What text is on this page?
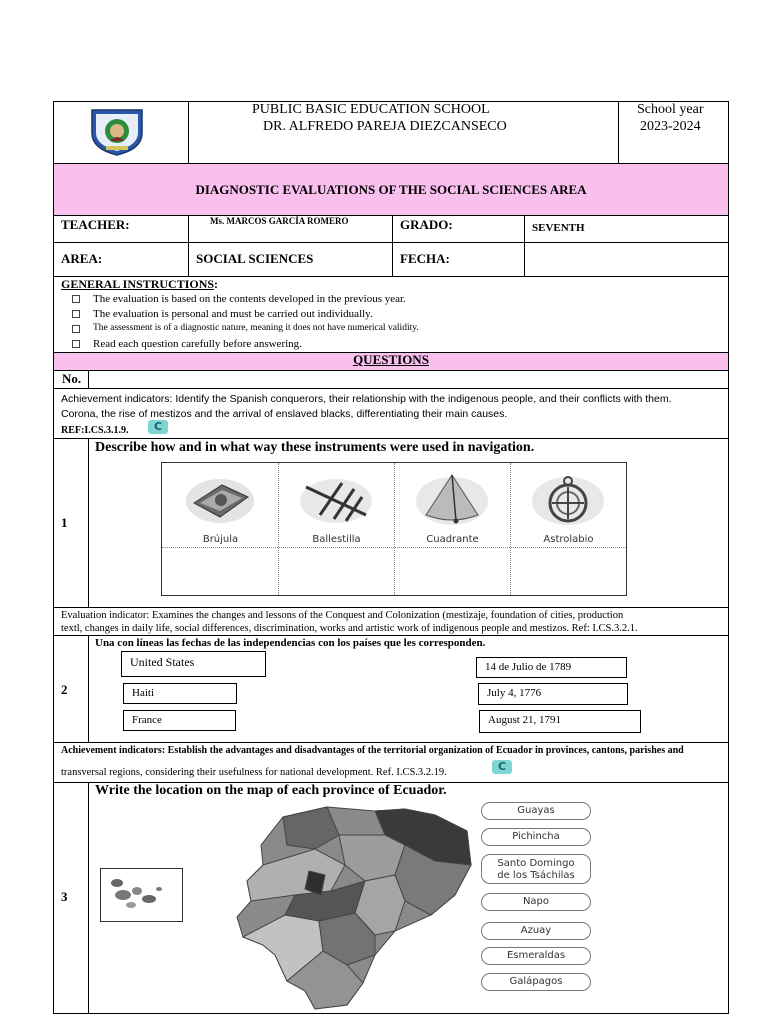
PUBLIC BASIC EDUCATION SCHOOL
DR. ALFREDO PAREJA DIEZCANSECO
School year
2023-2024
DIAGNOSTIC EVALUATIONS OF THE SOCIAL SCIENCES AREA
TEACHER:	Ms. MARCOS GARCÍA ROMERO	GRADO:	SEVENTH
AREA:	SOCIAL SCIENCES	FECHA:
GENERAL INSTRUCTIONS:
The evaluation is based on the contents developed in the previous year.
The evaluation is personal and must be carried out individually.
The assessment is of a diagnostic nature, meaning it does not have numerical validity.
Read each question carefully before answering.
QUESTIONS
No.
Achievement indicators: Identify the Spanish conquerors, their relationship with the indigenous people, and their conflicts with them.
Corona, the rise of mestizos and the arrival of enslaved blacks, differentiating their main causes.
REF:I.CS.3.1.9.	C
1
Describe how and in what way these instruments were used in navigation.
Brújula	Ballestilla	Cuadrante	Astrolabio
Evaluation indicator: Examines the changes and lessons of the Conquest and Colonization (mestizaje, foundation of cities, production
textl, changes in daily life, social differences, discrimination, works and artistic work of indigenous people and mestizos. Ref: I.CS.3.2.1.
2
Una con líneas las fechas de las independencias con los países que les corresponden.
United States
Haiti
France
14 de Julio de 1789
July 4, 1776
August 21, 1791
Achievement indicators: Establish the advantages and disadvantages of the territorial organization of Ecuador in provinces, cantons, parishes and
transversal regions, considering their usefulness for national development. Ref. I.CS.3.2.19.	C
3
Write the location on the map of each province of Ecuador.
Guayas
Pichincha
Santo Domingo
de los Tsáchilas
Napo
Azuay
Esmeraldas
Galápagos
